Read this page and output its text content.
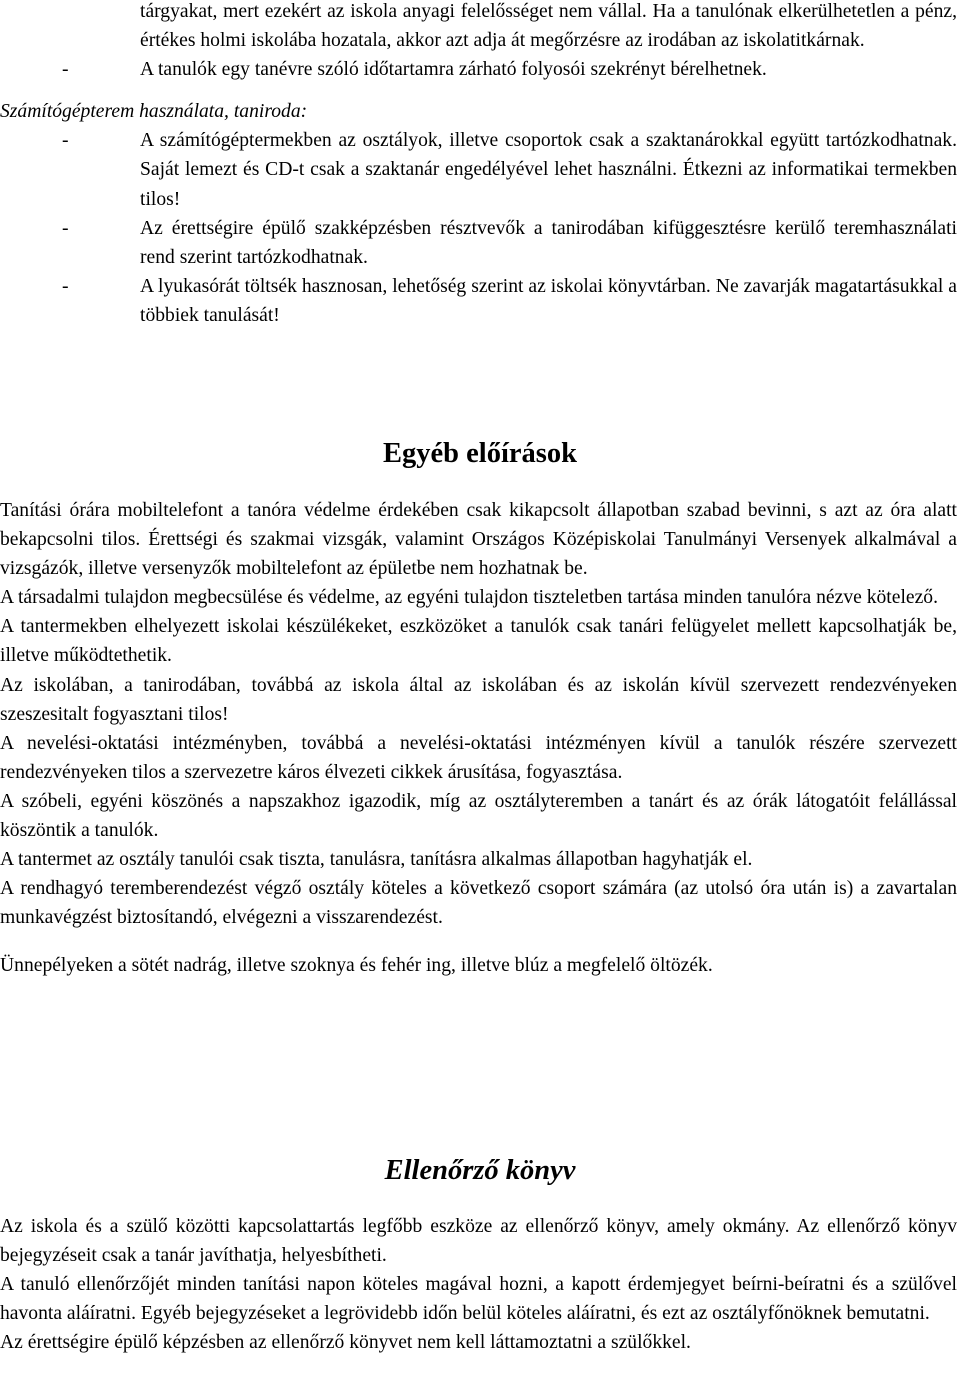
tárgyakat, mert ezekért az iskola anyagi felelősséget nem vállal. Ha a tanulónak elkerülhetetlen a pénz, értékes holmi iskolába hozatala, akkor azt adja át megőrzésre az irodában az iskolatitkárnak.
-	A tanulók egy tanévre szóló időtartamra zárható folyosói szekrényt bérelhetnek.
Számítógépterem használata, taniroda:
-	A számítógéptermekben az osztályok, illetve csoportok csak a szaktanárokkal együtt tartózkodhatnak. Saját lemezt és CD-t csak a szaktanár engedélyével lehet használni. Étkezni az informatikai termekben tilos!
-	Az érettségire épülő szakképzésben résztvevők a tanirodában kifüggesztésre kerülő teremhasználati rend szerint tartózkodhatnak.
-	A lyukasórát töltsék hasznosan, lehetőség szerint az iskolai könyvtárban. Ne zavarják magatartásukkal a többiek tanulását!
Egyéb előírások
Tanítási órára mobiltelefont a tanóra védelme érdekében csak kikapcsolt állapotban szabad bevinni, s azt az óra alatt bekapcsolni tilos. Érettségi és szakmai vizsgák, valamint Országos Középiskolai Tanulmányi Versenyek alkalmával a vizsgázók, illetve versenyzők mobiltelefont az épületbe nem hozhatnak be.
A társadalmi tulajdon megbecsülése és védelme, az egyéni tulajdon tiszteletben tartása minden tanulóra nézve kötelező.
A tantermekben elhelyezett iskolai készülékeket, eszközöket a tanulók csak tanári felügyelet mellett kapcsolhatják be, illetve működtethetik.
Az iskolában, a tanirodában, továbbá az iskola által az iskolában és az iskolán kívül szervezett rendezvényeken szeszesitalt fogyasztani tilos!
A nevelési-oktatási intézményben, továbbá a nevelési-oktatási intézményen kívül a tanulók részére szervezett rendezvényeken tilos a szervezetre káros élvezeti cikkek árusítása, fogyasztása.
A szóbeli, egyéni köszönés a napszakhoz igazodik, míg az osztályteremben a tanárt és az órák látogatóit felállással köszöntik a tanulók.
A tantermet az osztály tanulói csak tiszta, tanulásra, tanításra alkalmas állapotban hagyhatják el.
A rendhagyó teremberendezést végző osztály köteles a következő csoport számára (az utolsó óra után is) a zavartalan munkavégzést biztosítandó, elvégezni a visszarendezést.
Ünnepélyeken a sötét nadrág, illetve szoknya és fehér ing, illetve blúz a megfelelő öltözék.
Ellenőrző könyv
Az iskola és a szülő közötti kapcsolattartás legfőbb eszköze az ellenőrző könyv, amely okmány. Az ellenőrző könyv bejegyzéseit csak a tanár javíthatja, helyesbítheti.
A tanuló ellenőrzőjét minden tanítási napon köteles magával hozni, a kapott érdemjegyet beírni-beíratni és a szülővel havonta aláíratni. Egyéb bejegyzéseket a legrövidebb időn belül köteles aláíratni, és ezt az osztályfőnöknek bemutatni.
Az érettségire épülő képzésben az ellenőrző könyvet nem kell láttamoztatni a szülőkkel.
